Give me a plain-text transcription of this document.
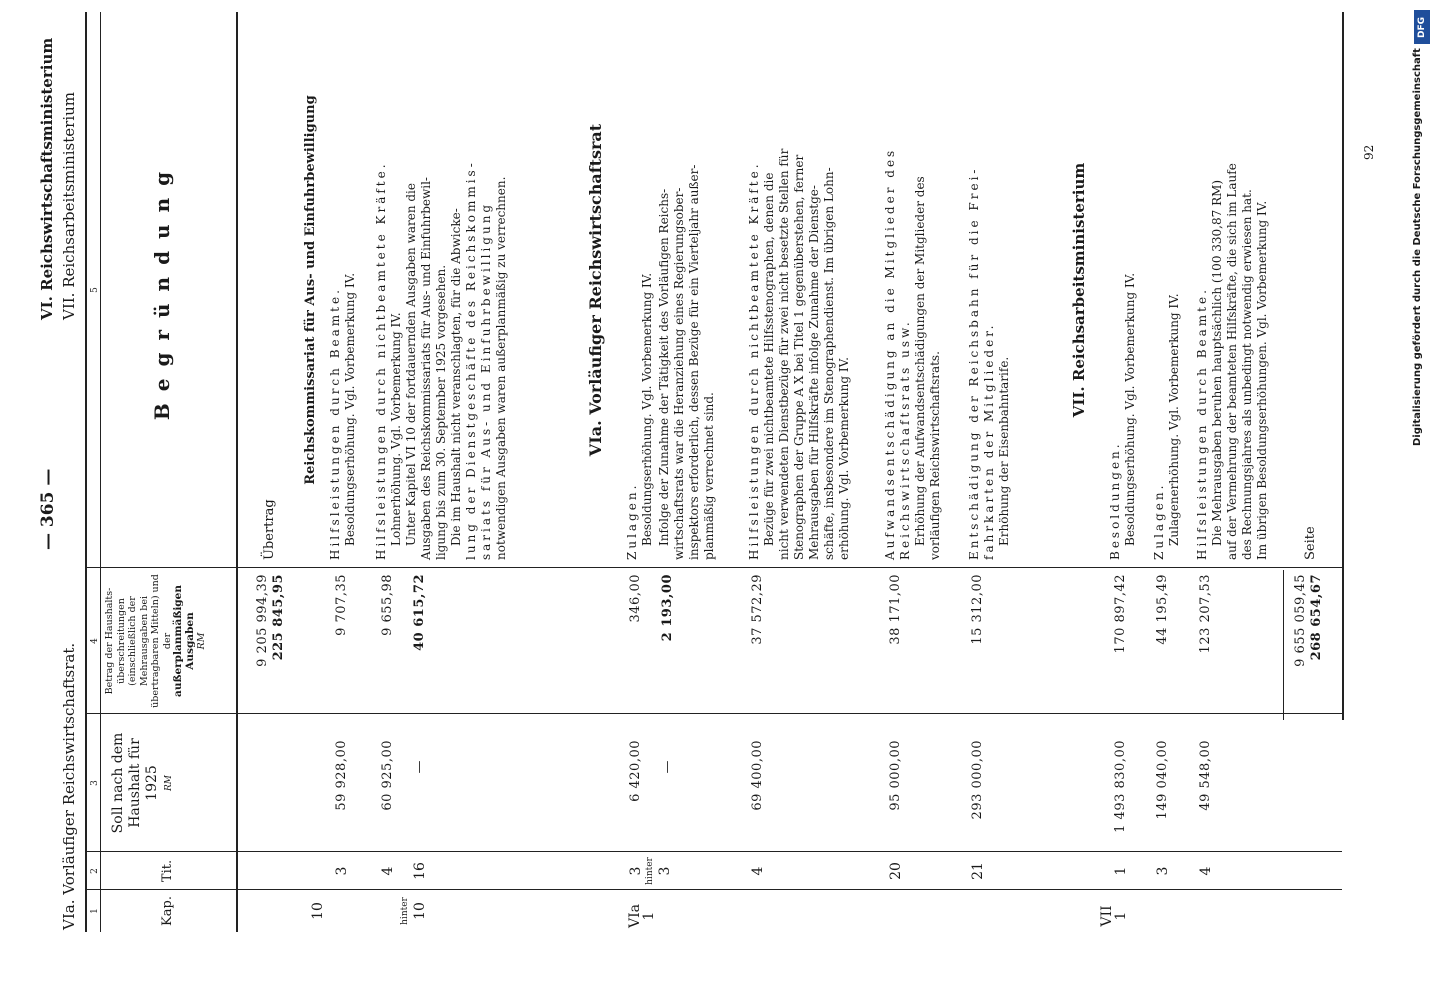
DFG
Digitalisierung gefördert durch die Deutsche Forschungsgemeinschaft
VIa. Vorläufiger Reichswirtschaftsrat.
— 365 —
VI. Reichswirtschaftsministerium VII. Reichsarbeitsministerium
1
2
3
4
5
Kap.
Tit.
Soll nach dem Haushalt für 1925 RM
Betrag der Haushalts-überschreitungen (einschließlich der Mehrausgaben bei übertragbaren Mitteln) und der außerplanmäßigen Ausgaben RM
Begründung
9 205 994,39 225 845,95
Übertrag
Reichskommissariat für Aus- und Einfuhrbewilligung
10
3
59 928,00
9 707,35
Hilfsleistungen durch Beamte. Besoldungserhöhung. Vgl. Vorbemerkung IV.
4
60 925,00
9 655,98
Hilfsleistungen durch nichtbeamtete Kräfte. Lohnerhöhung. Vgl. Vorbemerkung IV.
hinter 10
16
—
40 615,72
Unter Kapitel VI 10 der fortdauernden Ausgaben waren die Ausgaben des Reichskommissariats für Aus- und Einfuhrbewil- ligung bis zum 30. September 1925 vorgesehen. Die im Haushalt nicht veranschlagten, für die Abwicke- lung der Dienstgeschäfte des Reichskommis- sariats für Aus- und Einfuhrbewilligung notwendigen Ausgaben waren außerplanmäßig zu verrechnen.	VIa. Vorläufiger Reichswirtschaftsrat
VIa 1
3
6 420,00
346,00
Zulagen. Besoldungserhöhung. Vgl. Vorbemerkung IV.
hinter 3
—
2 193,00
Infolge der Zunahme der Tätigkeit des Vorläufigen Reichs- wirtschaftsrats war die Heranziehung eines Regierungsober- inspektors erforderlich, dessen Bezüge für ein Vierteljahr außer- planmäßig verrechnet sind.
4
69 400,00
37 572,29
Hilfsleistungen durch nichtbeamtete Kräfte. Bezüge für zwei nichtbeamtete Hilfsstenographen, denen die nicht verwendeten Dienstbezüge für zwei nicht besetzte Stellen für Stenographen der Gruppe A X bei Titel 1 gegenüberstehen, ferner Mehrausgaben für Hilfskräfte infolge Zunahme der Dienstge- schäfte, insbesondere im Stenographendienst. Im übrigen Lohn- erhöhung. Vgl. Vorbemerkung IV.
20
95 000,00
38 171,00
Aufwandsentschädigung an die Mitglieder des Reichswirtschaftsrats usw. Erhöhung der Aufwandsentschädigungen der Mitglieder des vorläufigen Reichswirtschaftsrats.
21
293 000,00
15 312,00
Entschädigung der Reichsbahn für die Frei- fahrkarten der Mitglieder. Erhöhung der Eisenbahntarife.
VII. Reichsarbeitsministerium
VII 1
1
1 493 830,00
170 897,42
Besoldungen. Besoldungserhöhung. Vgl. Vorbemerkung IV.
3
149 040,00
44 195,49
Zulagen. Zulagenerhöhung. Vgl. Vorbemerkung IV.
4
49 548,00
123 207,53
Hilfsleistungen durch Beamte. Die Mehrausgaben beruhen hauptsächlich (100 330,87 RM) auf der Vermehrung der beamteten Hilfskräfte, die sich im Laufe des Rechnungsjahres als unbedingt notwendig erwiesen hat. Im übrigen Besoldungserhöhungen. Vgl. Vorbemerkung IV.
9 655 059,45 268 654,67
Seite
92
